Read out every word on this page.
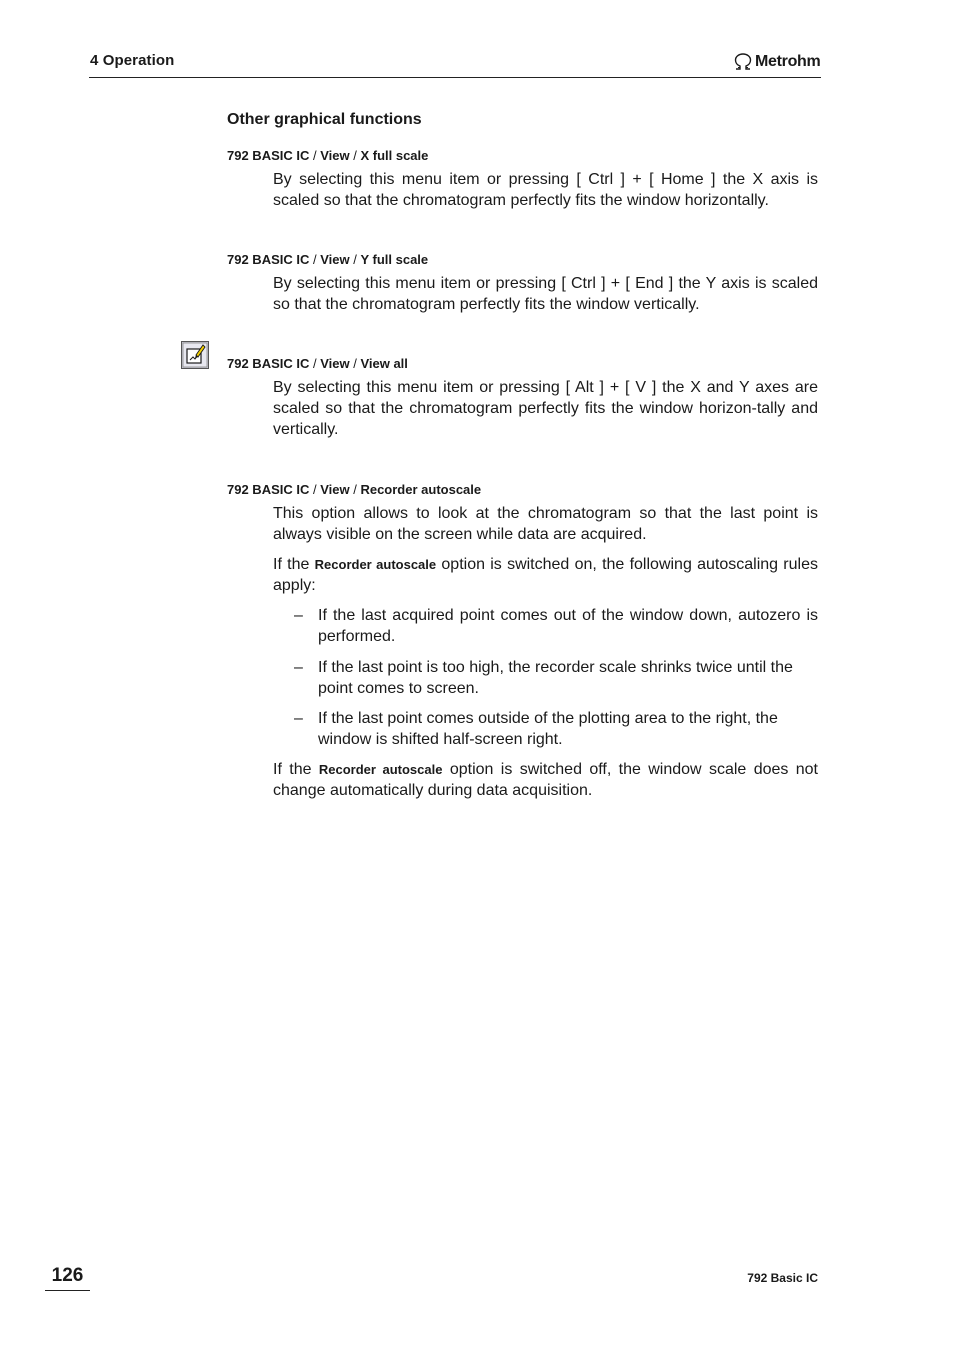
4 Operation	Metrohm
Other graphical functions
792 BASIC IC / View / X full scale
By selecting this menu item or pressing [ Ctrl ] + [ Home ] the X axis is scaled so that the chromatogram perfectly fits the window horizontally.
792 BASIC IC / View / Y full scale
By selecting this menu item or pressing [ Ctrl ] + [ End ] the Y axis is scaled so that the chromatogram perfectly fits the window vertically.
792 BASIC IC / View / View all
By selecting this menu item or pressing [ Alt ] + [ V ] the X and Y axes are scaled so that the chromatogram perfectly fits the window horizon-tally and vertically.
792 BASIC IC / View / Recorder autoscale
This option allows to look at the chromatogram so that the last point is always visible on the screen while data are acquired.
If the Recorder autoscale option is switched on, the following autoscaling rules apply:
– If the last acquired point comes out of the window down, autozero is performed.
– If the last point is too high, the recorder scale shrinks twice until the point comes to screen.
– If the last point comes outside of the plotting area to the right, the window is shifted half-screen right.
If the Recorder autoscale option is switched off, the window scale does not change automatically during data acquisition.
126	792 Basic IC
